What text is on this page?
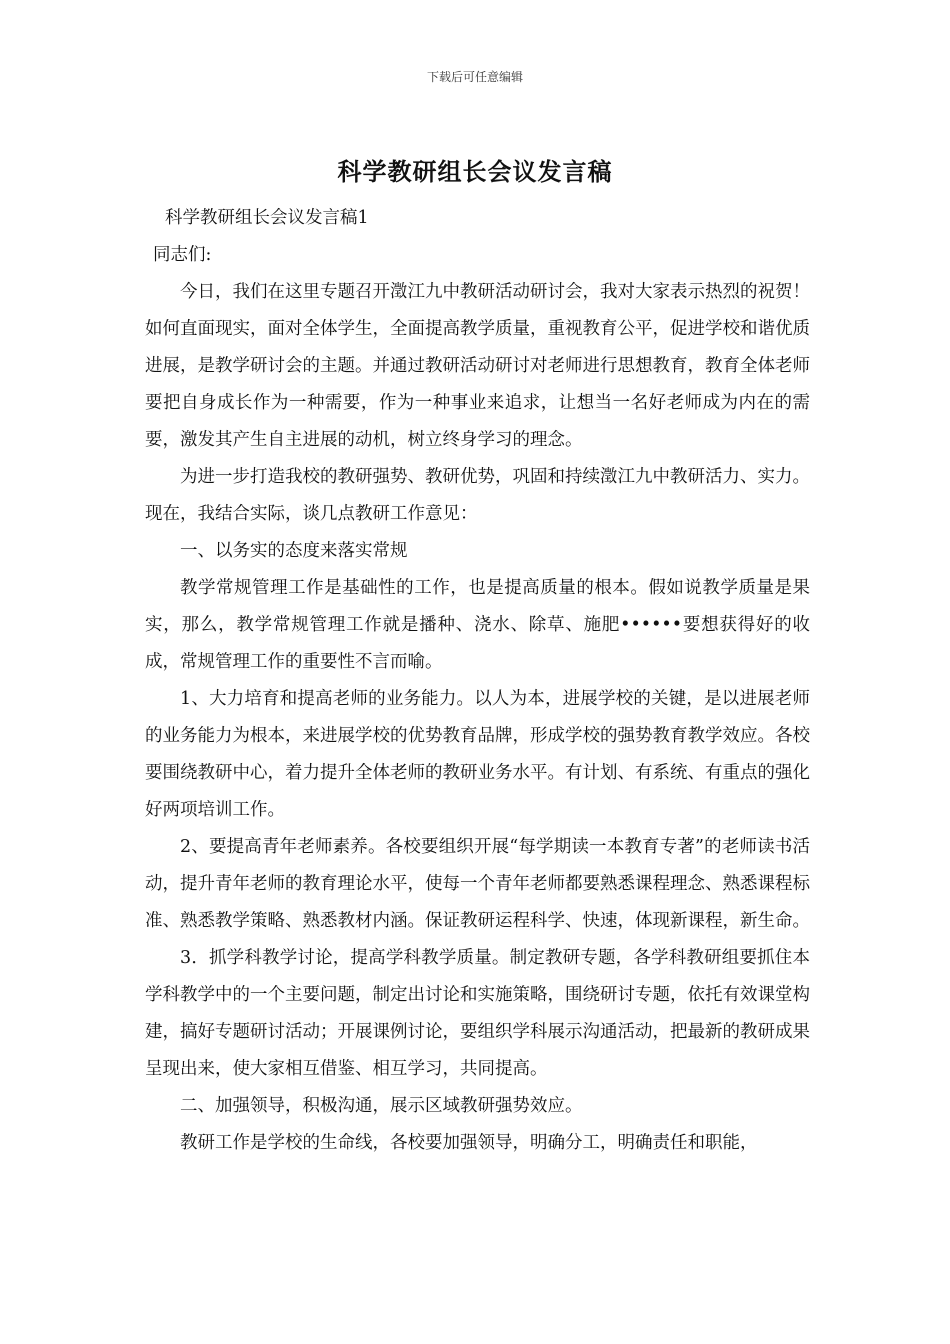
下载后可任意编辑
科学教研组长会议发言稿

科学教研组长会议发言稿1

同志们:

今日，我们在这里专题召开澂江九中教研活动研讨会，我对大家表示热烈的祝贺！如何直面现实，面对全体学生，全面提高教学质量，重视教育公平，促进学校和谐优质进展，是教学研讨会的主题。并通过教研活动研讨对老师进行思想教育，教育全体老师要把自身成长作为一种需要，作为一种事业来追求，让想当一名好老师成为内在的需要，激发其产生自主进展的动机，树立终身学习的理念。

为进一步打造我校的教研强势、教研优势，巩固和持续澂江九中教研活力、实力。现在，我结合实际，谈几点教研工作意见：

一、以务实的态度来落实常规

教学常规管理工作是基础性的工作，也是提高质量的根本。假如说教学质量是果实，那么，教学常规管理工作就是播种、浇水、除草、施肥••••••要想获得好的收成，常规管理工作的重要性不言而喻。

1、大力培育和提高老师的业务能力。以人为本，进展学校的关键，是以进展老师的业务能力为根本，来进展学校的优势教育品牌，形成学校的强势教育教学效应。各校要围绕教研中心，着力提升全体老师的教研业务水平。有计划、有系统、有重点的强化好两项培训工作。

2、要提高青年老师素养。各校要组织开展“每学期读一本教育专著”的老师读书活动，提升青年老师的教育理论水平，使每一个青年老师都要熟悉课程理念、熟悉课程标准、熟悉教学策略、熟悉教材内涵。保证教研运程科学、快速，体现新课程，新生命。

3．抓学科教学讨论，提高学科教学质量。制定教研专题，各学科教研组要抓住本学科教学中的一个主要问题，制定出讨论和实施策略，围绕研讨专题，依托有效课堂构建，搞好专题研讨活动；开展课例讨论，要组织学科展示沟通活动，把最新的教研成果呈现出来，使大家相互借鉴、相互学习，共同提高。

二、加强领导，积极沟通，展示区域教研强势效应。

教研工作是学校的生命线，各校要加强领导，明确分工，明确责任和职能，
